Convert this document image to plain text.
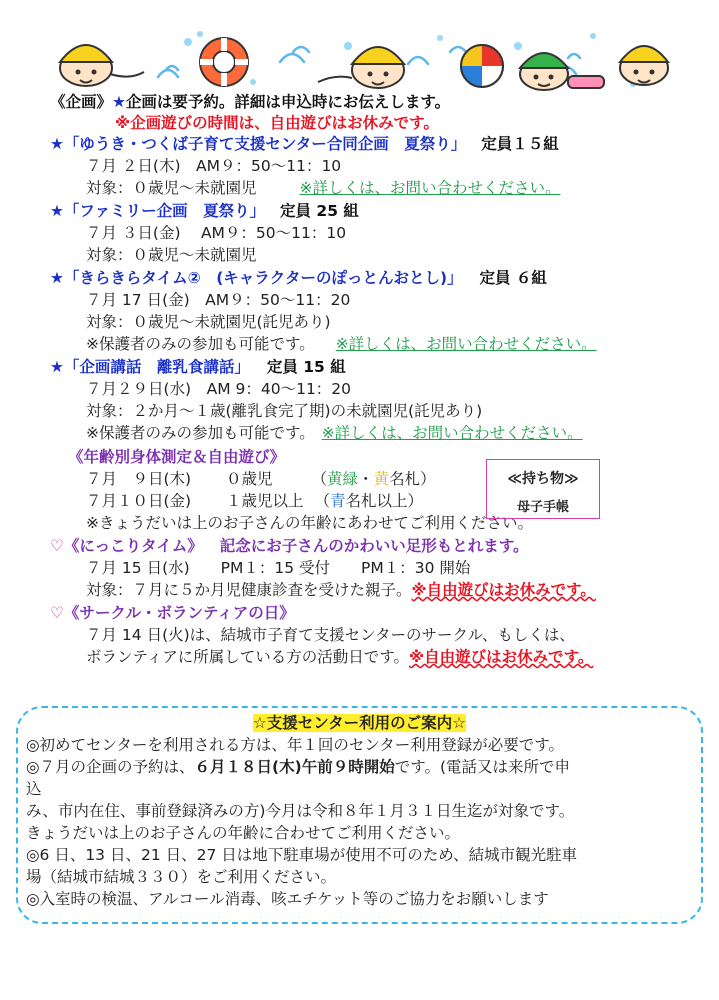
《企画》★企画は要予約。詳細は申込時にお伝えします。
※企画遊びの時間は、自由遊びはお休みです。
★「ゆうき・つくば子育て支援センター合同企画　夏祭り」 定員１５組
７月 ２日(木)　AM９：50〜11：10
対象：０歳児〜未就園児	※詳しくは、お問い合わせください。
★「ファミリー企画　夏祭り」 定員 25 組
７月 ３日(金)　 AM９：50〜11：10
対象：０歳児〜未就園児
★「きらきらタイム②　(キャラクターのぽっとんおとし)」 定員 ６組
７月 17 日(金)　AM９：50〜11：20
対象：０歳児〜未就園児(託児あり)
※保護者のみの参加も可能です。 ※詳しくは、お問い合わせください。
★「企画講話　離乳食講話」 定員 15 組
７月２９日(水)　AM 9：40〜11：20
対象：２か月〜１歳(離乳食完了期)の未就園児(託児あり)
※保護者のみの参加も可能です。 ※詳しくは、お問い合わせください。
《年齢別身体測定＆自由遊び》
７月　９日(木) ０歳児	（黄緑・黄名札）
７月１０日(金) １歳児以上 （青名札以上）
※きょうだいは上のお子さんの年齢にあわせてご利用ください。
≪持ち物≫
母子手帳
♡《にっこりタイム》 記念にお子さんのかわいい足形もとれます。
７月 15 日(水)　　PM１：15 受付　　PM１：30 開始
対象：７月に５か月児健康診査を受けた親子。※自由遊びはお休みです。
♡《サークル・ボランティアの日》
７月 14 日(火)は、結城市子育て支援センターのサークル、もしくは、
ボランティアに所属している方の活動日です。※自由遊びはお休みです。
☆支援センター利用のご案内☆
◎初めてセンターを利用される方は、年１回のセンター利用登録が必要です。
◎７月の企画の予約は、６月１８日(木)午前９時開始です。(電話又は来所で申
込
み、市内在住、事前登録済みの方)今月は令和８年１月３１日生迄が対象です。
きょうだいは上のお子さんの年齢に合わせてご利用ください。
◎6 日、13 日、21 日、27 日は地下駐車場が使用不可のため、結城市観光駐車
場（結城市結城３３０）をご利用ください。
◎入室時の検温、アルコール消毒、咳エチケット等のご協力をお願いします
